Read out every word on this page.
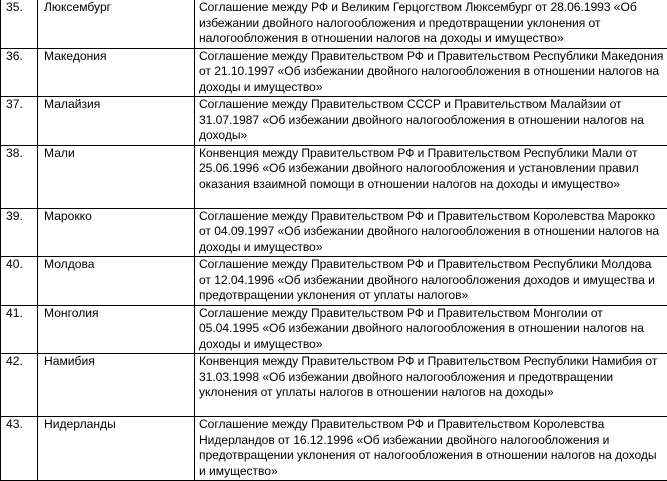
35.	Люксембург	Соглашение между РФ и Великим Герцогством Люксембург от 28.06.1993 «Об избежании двойного налогообложения и предотвращении уклонения от налогообложения в отношении налогов на доходы и имущество»
36.	Македония	Соглашение между Правительством РФ и Правительством Республики Македония от 21.10.1997 «Об избежании двойного налогообложения в отношении налогов на доходы и имущество»
37.	Малайзия	Соглашение между Правительством СССР и Правительством Малайзии от 31.07.1987 «Об избежании двойного налогообложения в отношении налогов на доходы»
38.	Мали	Конвенция между Правительством РФ и Правительством Республики Мали от 25.06.1996 «Об избежании двойного налогообложения и установлении правил оказания взаимной помощи в отношении налогов на доходы и имущество»
39.	Марокко	Соглашение между Правительством РФ и Правительством Королевства Марокко от 04.09.1997 «Об избежании двойного налогообложения в отношении налогов на доходы и имущество»
40.	Молдова	Соглашение между Правительством РФ и Правительством Республики Молдова от 12.04.1996 «Об избежании двойного налогообложения доходов и имущества и предотвращении уклонения от уплаты налогов»
41.	Монголия	Соглашение между Правительством РФ и Правительством Монголии от 05.04.1995 «Об избежании двойного налогообложения в отношении налогов на доходы и имущество»
42.	Намибия	Конвенция между Правительством РФ и Правительством Республики Намибия от 31.03.1998 «Об избежании двойного налогообложения и предотвращении уклонения от уплаты налогов в отношении налогов на доходы»
43.	Нидерланды	Соглашение между Правительством РФ и Правительством Королевства Нидерландов от 16.12.1996 «Об избежании двойного налогообложения и предотвращении уклонения от налогообложения в отношении налогов на доходы и имущество»
